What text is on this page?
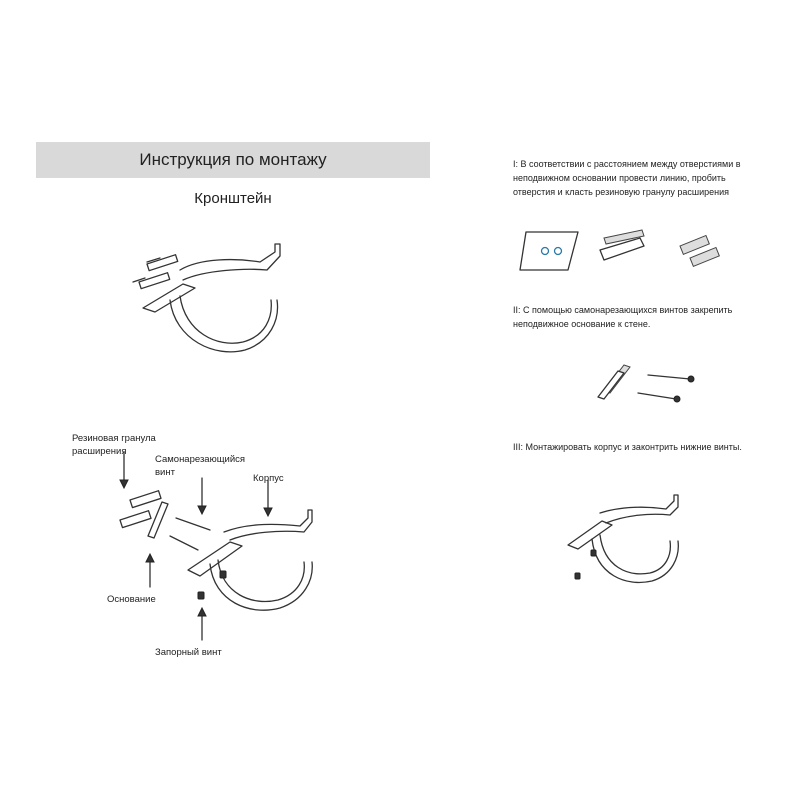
Инструкция по монтажу
Кронштейн
Резиновая гранула расширения
Самонарезающийся винт
Корпус
Основание
Запорный винт
I: В соответствии с расстоянием между отверстиями в неподвижном основании провести линию, пробить отверстия и класть резиновую гранулу расширения
II: С помощью самонарезающихся винтов закрепить неподвижное основание к стене.
III: Монтажировать корпус и законтрить нижние винты.
